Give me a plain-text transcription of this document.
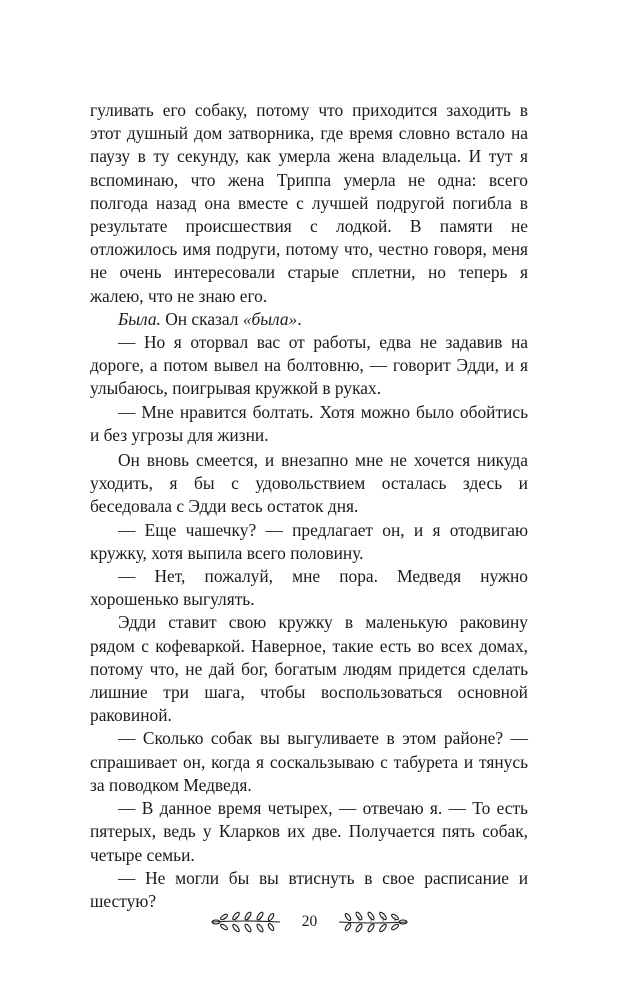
гуливать его собаку, потому что приходится заходить в этот душный дом затворника, где время словно встало на паузу в ту секунду, как умерла жена владельца. И тут я вспоминаю, что жена Триппа умерла не одна: всего полгода назад она вместе с лучшей подругой погибла в результате происшествия с лодкой. В памяти не отложилось имя подруги, потому что, честно говоря, меня не очень интересовали старые сплетни, но теперь я жалею, что не знаю его.

Была. Он сказал «была».

— Но я оторвал вас от работы, едва не задавив на дороге, а потом вывел на болтовню, — говорит Эдди, и я улыбаюсь, поигрывая кружкой в руках.

— Мне нравится болтать. Хотя можно было обойтись и без угрозы для жизни.

Он вновь смеется, и внезапно мне не хочется никуда уходить, я бы с удовольствием осталась здесь и беседовала с Эдди весь остаток дня.

— Еще чашечку? — предлагает он, и я отодвигаю кружку, хотя выпила всего половину.

— Нет, пожалуй, мне пора. Медведя нужно хорошенько выгулять.

Эдди ставит свою кружку в маленькую раковину рядом с кофеваркой. Наверное, такие есть во всех домах, потому что, не дай бог, богатым людям придется сделать лишние три шага, чтобы воспользоваться основной раковиной.

— Сколько собак вы выгуливаете в этом районе? — спрашивает он, когда я соскальзываю с табурета и тянусь за поводком Медведя.

— В данное время четырех, — отвечаю я. — То есть пятерых, ведь у Кларков их две. Получается пять собак, четыре семьи.

— Не могли бы вы втиснуть в свое расписание и шестую?

20
